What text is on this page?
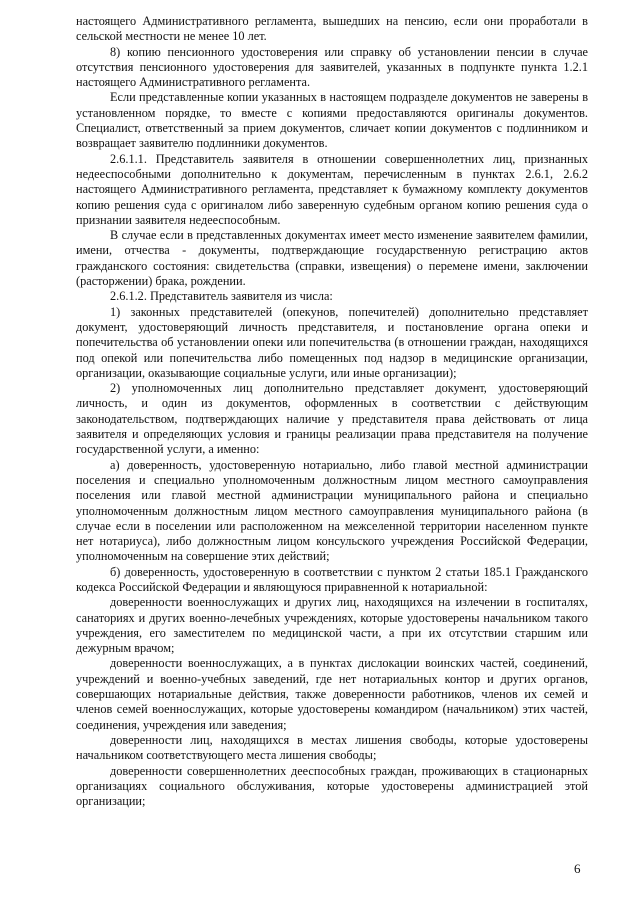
настоящего Административного регламента, вышедших на пенсию, если они проработали в сельской местности не менее 10 лет.

8) копию пенсионного удостоверения или справку об установлении пенсии в случае отсутствия пенсионного удостоверения для заявителей, указанных в подпункте пункта 1.2.1 настоящего Административного регламента.

Если представленные копии указанных в настоящем подразделе документов не заверены в установленном порядке, то вместе с копиями предоставляются оригиналы документов. Специалист, ответственный за прием документов, сличает копии документов с подлинником и возвращает заявителю подлинники документов.

2.6.1.1. Представитель заявителя в отношении совершеннолетних лиц, признанных недееспособными дополнительно к документам, перечисленным в пунктах 2.6.1, 2.6.2 настоящего Административного регламента, представляет к бумажному комплекту документов копию решения суда с оригиналом либо заверенную судебным органом копию решения суда о признании заявителя недееспособным.

В случае если в представленных документах имеет место изменение заявителем фамилии, имени, отчества - документы, подтверждающие государственную регистрацию актов гражданского состояния: свидетельства (справки, извещения) о перемене имени, заключении (расторжении) брака, рождении.

2.6.1.2. Представитель заявителя из числа:

1) законных представителей (опекунов, попечителей) дополнительно представляет документ, удостоверяющий личность представителя, и постановление органа опеки и попечительства об установлении опеки или попечительства (в отношении граждан, находящихся под опекой или попечительства либо помещенных под надзор в медицинские организации, организации, оказывающие социальные услуги, или иные организации);

2) уполномоченных лиц дополнительно представляет документ, удостоверяющий личность, и один из документов, оформленных в соответствии с действующим законодательством, подтверждающих наличие у представителя права действовать от лица заявителя и определяющих условия и границы реализации права представителя на получение государственной услуги, а именно:

а) доверенность, удостоверенную нотариально, либо главой местной администрации поселения и специально уполномоченным должностным лицом местного самоуправления поселения или главой местной администрации муниципального района и специально уполномоченным должностным лицом местного самоуправления муниципального района (в случае если в поселении или расположенном на межселенной территории населенном пункте нет нотариуса), либо должностным лицом консульского учреждения Российской Федерации, уполномоченным на совершение этих действий;

б) доверенность, удостоверенную в соответствии с пунктом 2 статьи 185.1 Гражданского кодекса Российской Федерации и являющуюся приравненной к нотариальной:

доверенности военнослужащих и других лиц, находящихся на излечении в госпиталях, санаториях и других военно-лечебных учреждениях, которые удостоверены начальником такого учреждения, его заместителем по медицинской части, а при их отсутствии старшим или дежурным врачом;

доверенности военнослужащих, а в пунктах дислокации воинских частей, соединений, учреждений и военно-учебных заведений, где нет нотариальных контор и других органов, совершающих нотариальные действия, также доверенности работников, членов их семей и членов семей военнослужащих, которые удостоверены командиром (начальником) этих частей, соединения, учреждения или заведения;

доверенности лиц, находящихся в местах лишения свободы, которые удостоверены начальником соответствующего места лишения свободы;

доверенности совершеннолетних дееспособных граждан, проживающих в стационарных организациях социального обслуживания, которые удостоверены администрацией этой организации;

6
